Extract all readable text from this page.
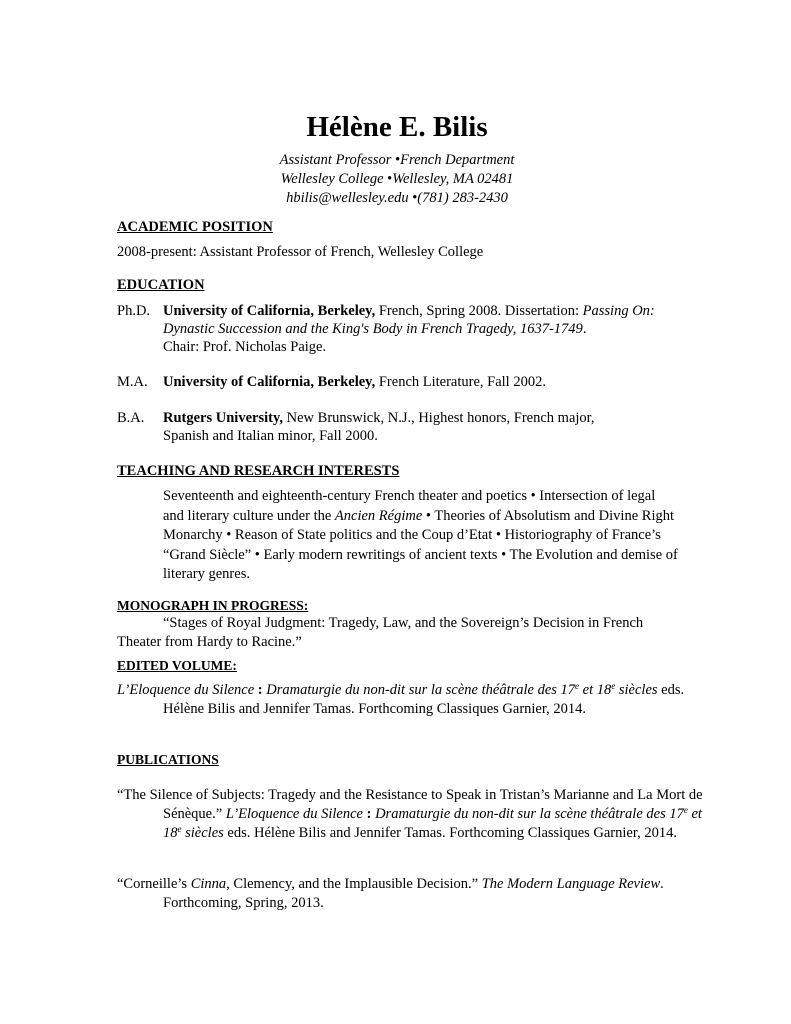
Hélène E. Bilis
Assistant Professor •French Department
Wellesley College •Wellesley, MA 02481
hbilis@wellesley.edu •(781) 283-2430
ACADEMIC POSITION
2008-present: Assistant Professor of French, Wellesley College
EDUCATION
Ph.D. University of California, Berkeley, French, Spring 2008. Dissertation: Passing On: Dynastic Succession and the King's Body in French Tragedy, 1637-1749.
Chair: Prof. Nicholas Paige.
M.A. University of California, Berkeley, French Literature, Fall 2002.
B.A. Rutgers University, New Brunswick, N.J., Highest honors, French major, Spanish and Italian minor, Fall 2000.
TEACHING AND RESEARCH INTERESTS
Seventeenth and eighteenth-century French theater and poetics • Intersection of legal and literary culture under the Ancien Régime • Theories of Absolutism and Divine Right Monarchy • Reason of State politics and the Coup d’Etat • Historiography of France’s “Grand Siècle” • Early modern rewritings of ancient texts • The Evolution and demise of literary genres.
MONOGRAPH IN PROGRESS:
“Stages of Royal Judgment: Tragedy, Law, and the Sovereign’s Decision in French Theater from Hardy to Racine.”
EDITED VOLUME:
L’Eloquence du Silence : Dramaturgie du non-dit sur la scène théâtrale des 17e et 18e siècles eds. Hélène Bilis and Jennifer Tamas. Forthcoming Classiques Garnier, 2014.
PUBLICATIONS
“The Silence of Subjects: Tragedy and the Resistance to Speak in Tristan’s Marianne and La Mort de Sénèque.” L’Eloquence du Silence : Dramaturgie du non-dit sur la scène théâtrale des 17e et 18e siècles eds. Hélène Bilis and Jennifer Tamas. Forthcoming Classiques Garnier, 2014.
“Corneille’s Cinna, Clemency, and the Implausible Decision.” The Modern Language Review. Forthcoming, Spring, 2013.
